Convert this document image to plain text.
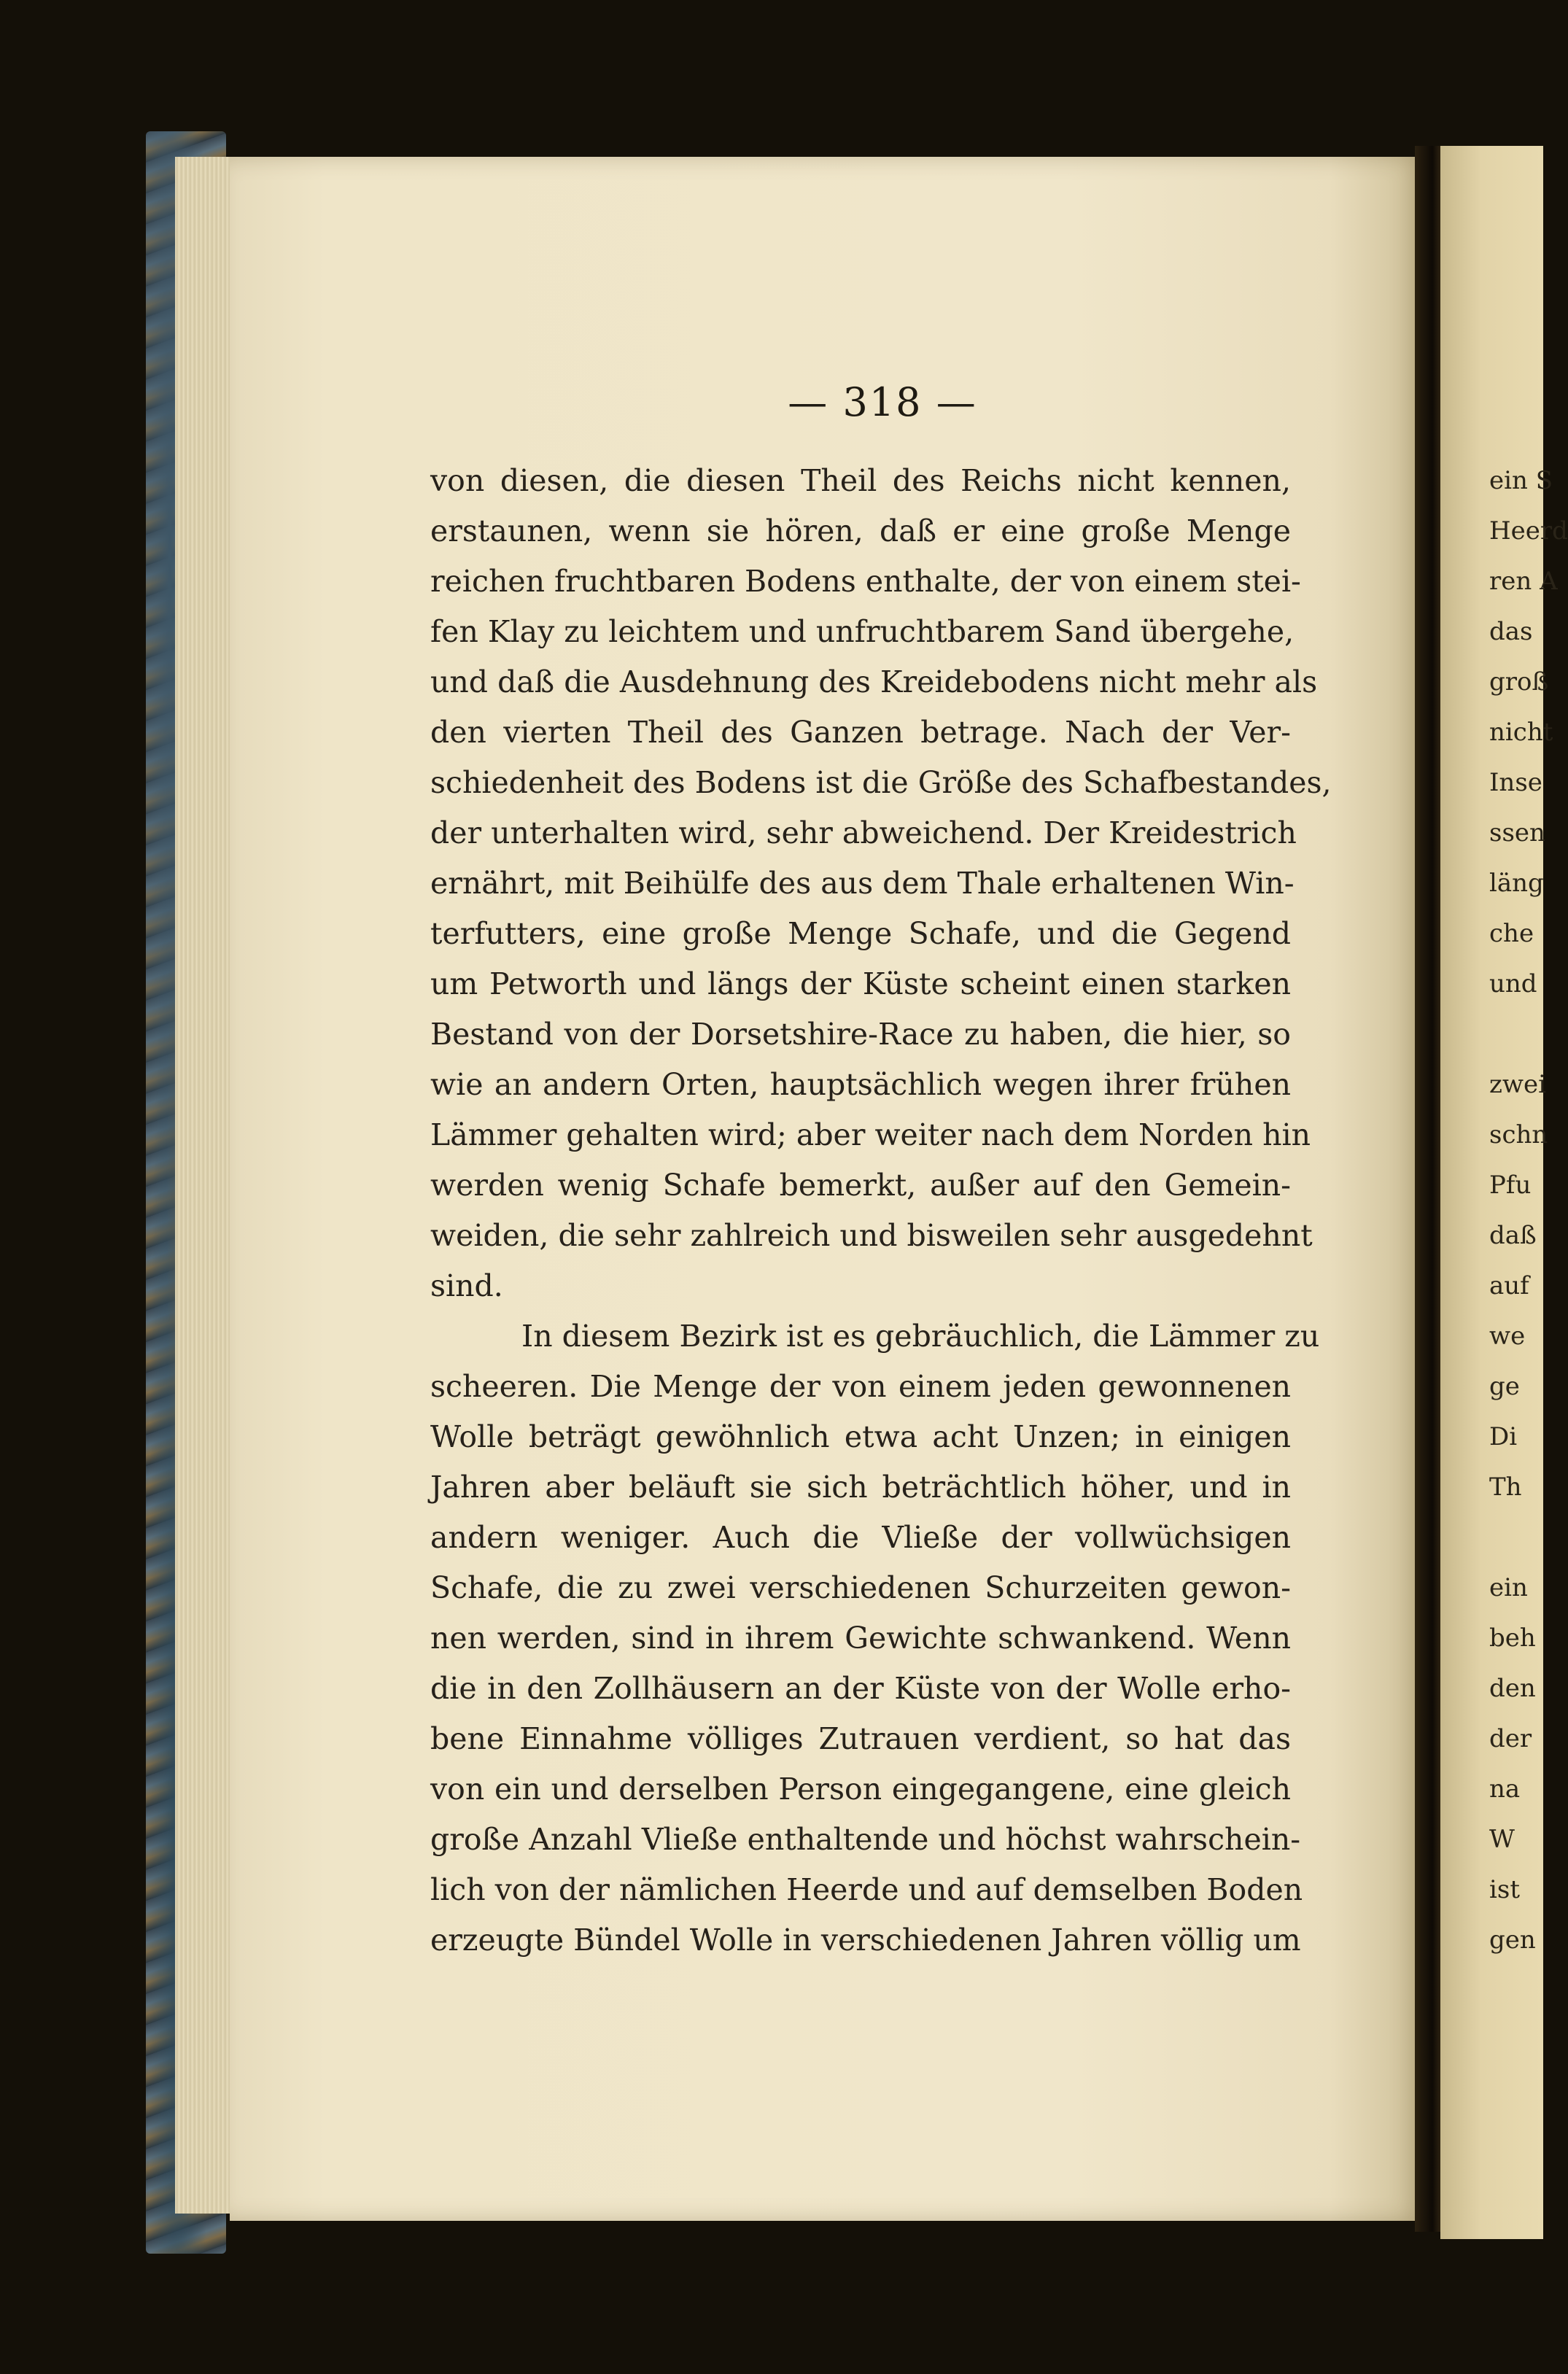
— 318 —
von diesen, die diesen Theil des Reichs nicht kennen,
erstaunen, wenn sie hören, daß er eine große Menge
reichen fruchtbaren Bodens enthalte, der von einem stei-
fen Klay zu leichtem und unfruchtbarem Sand übergehe,
und daß die Ausdehnung des Kreidebodens nicht mehr als
den vierten Theil des Ganzen betrage. Nach der Ver-
schiedenheit des Bodens ist die Größe des Schafbestandes,
der unterhalten wird, sehr abweichend. Der Kreidestrich
ernährt, mit Beihülfe des aus dem Thale erhaltenen Win-
terfutters, eine große Menge Schafe, und die Gegend
um Petworth und längs der Küste scheint einen starken
Bestand von der Dorsetshire-Race zu haben, die hier, so
wie an andern Orten, hauptsächlich wegen ihrer frühen
Lämmer gehalten wird; aber weiter nach dem Norden hin
werden wenig Schafe bemerkt, außer auf den Gemein-
weiden, die sehr zahlreich und bisweilen sehr ausgedehnt
sind.
In diesem Bezirk ist es gebräuchlich, die Lämmer zu
scheeren. Die Menge der von einem jeden gewonnenen
Wolle beträgt gewöhnlich etwa acht Unzen; in einigen
Jahren aber beläuft sie sich beträchtlich höher, und in
andern weniger. Auch die Vließe der vollwüchsigen
Schafe, die zu zwei verschiedenen Schurzeiten gewon-
nen werden, sind in ihrem Gewichte schwankend. Wenn
die in den Zollhäusern an der Küste von der Wolle erho-
bene Einnahme völliges Zutrauen verdient, so hat das
von ein und derselben Person eingegangene, eine gleich
große Anzahl Vließe enthaltende und höchst wahrschein-
lich von der nämlichen Heerde und auf demselben Boden
erzeugte Bündel Wolle in verschiedenen Jahren völlig um
ein S
Heerd
ren A
das
groß
nicht
Inse
ssen
läng
che
und
zwei
schn
Pfu
daß
auf
we
ge
Di
Th
ein
beh
den
der
na
W
ist
gen
